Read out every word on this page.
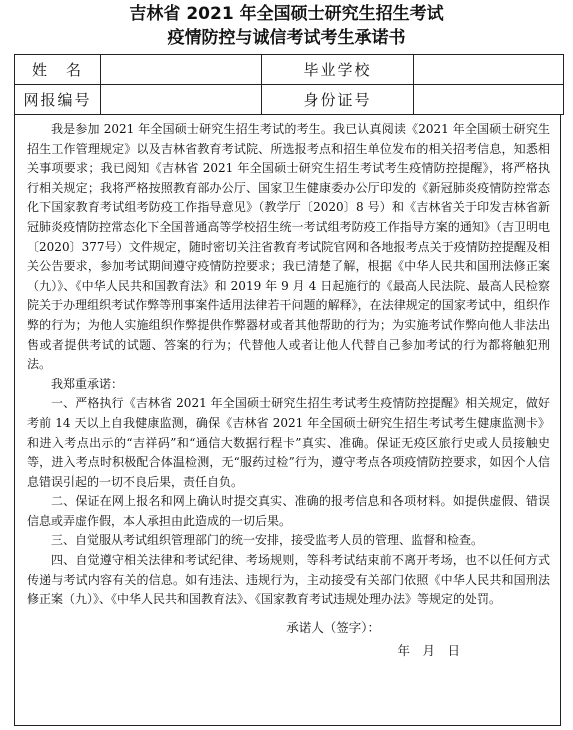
吉林省 2021 年全国硕士研究生招生考试
疫情防控与诚信考试考生承诺书
姓　名		毕业学校	
网报编号		身份证号	

我是参加 2021 年全国硕士研究生招生考试的考生。我已认真阅读《2021 年全国硕士研究生招生工作管理规定》以及吉林省教育考试院、所选报考点和招生单位发布的相关招考信息，知悉相关事项要求；我已阅知《吉林省 2021 年全国硕士研究生招生考试考生疫情防控提醒》，将严格执行相关规定；我将严格按照教育部办公厅、国家卫生健康委办公厅印发的《新冠肺炎疫情防控常态化下国家教育考试组考防疫工作指导意见》（教学厅〔2020〕8 号）和《吉林省关于印发吉林省新冠肺炎疫情防控常态化下全国普通高等学校招生统一考试组考防疫工作指导方案的通知》（吉卫明电〔2020〕377号）文件规定，随时密切关注省教育考试院官网和各地报考点关于疫情防控提醒及相关公告要求，参加考试期间遵守疫情防控要求；我已清楚了解，根据《中华人民共和国刑法修正案（九）》、《中华人民共和国教育法》和 2019 年 9 月 4 日起施行的《最高人民法院、最高人民检察院关于办理组织考试作弊等刑事案件适用法律若干问题的解释》，在法律规定的国家考试中，组织作弊的行为；为他人实施组织作弊提供作弊器材或者其他帮助的行为；为实施考试作弊向他人非法出售或者提供考试的试题、答案的行为；代替他人或者让他人代替自己参加考试的行为都将触犯刑法。

我郑重承诺：

一、严格执行《吉林省 2021 年全国硕士研究生招生考试考生疫情防控提醒》相关规定，做好考前 14 天以上自我健康监测，确保《吉林省 2021 年全国硕士研究生招生考试考生健康监测卡》和进入考点出示的“吉祥码”和“通信大数据行程卡”真实、准确。保证无疫区旅行史或人员接触史等，进入考点时积极配合体温检测，无“服药过检”行为，遵守考点各项疫情防控要求，如因个人信息错误引起的一切不良后果，责任自负。

二、保证在网上报名和网上确认时提交真实、准确的报考信息和各项材料。如提供虚假、错误信息或弄虚作假，本人承担由此造成的一切后果。

三、自觉服从考试组织管理部门的统一安排，接受监考人员的管理、监督和检查。

四、自觉遵守相关法律和考试纪律、考场规则，等科考试结束前不离开考场，也不以任何方式传递与考试内容有关的信息。如有违法、违规行为，主动接受有关部门依照《中华人民共和国刑法修正案（九）》、《中华人民共和国教育法》、《国家教育考试违规处理办法》等规定的处罚。

承诺人（签字）：
年　月　日
